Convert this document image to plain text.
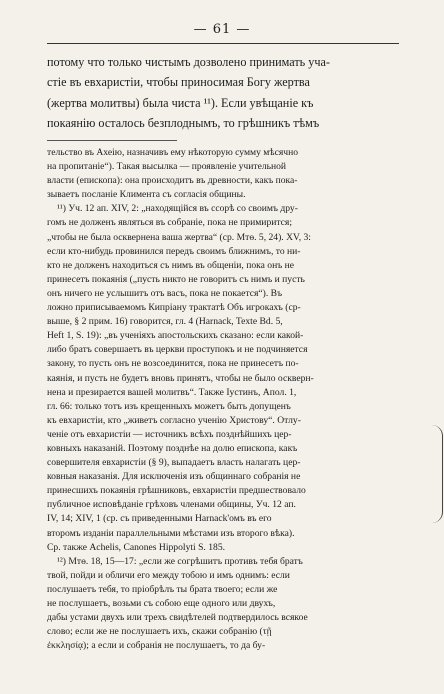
— 61 —
потому что только чистымъ дозволено принимать уча-
стіе въ евхаристіи, чтобы приносимая Богу жертва
(жертва молитвы) была чиста ¹¹). Если увѣщаніе къ
покаянію осталось безплоднымъ, то грѣшникъ тѣмъ
тельство въ Ахеію, назначивъ ему нѣкоторую сумму мѣсячно
на пропитаніе“). Такая высылка — проявленіе учительной
власти (епископа): она происходитъ въ древности, какъ пока-
зываетъ посланіе Климента съ согласія общины.
¹¹) Уч. 12 ап. XIV, 2: „находящійся въ ссорѣ со своимъ дру-
гомъ не долженъ являться въ собраніе, пока не примирится;
„чтобы не была осквернена ваша жертва“ (ср. Мтѳ. 5, 24). XV, 3:
если кто-нибудь провинился передъ своимъ ближнимъ, то ни-
кто не долженъ находиться съ нимъ въ общеніи, пока онъ не
принесетъ покаянія („пусть никто не говоритъ съ нимъ и пусть
онъ ничего не услышитъ отъ васъ, пока не покается“). Въ
ложно приписываемомъ Кипріану трактатѣ Объ игрокахъ (ср-
выше, § 2 прим. 16) говорится, гл. 4 (Harnack, Texte Bd. 5,
Heft 1, S. 19): „въ ученіяхъ апостольскихъ сказано: если какой-
либо братъ совершаетъ въ церкви проступокъ и не подчиняется
закону, то пусть онъ не возсоединится, пока не принесетъ по-
каянія, и пусть не будетъ вновь принятъ, чтобы не было оскверн-
нена и презирается вашей молитвъ“. Также Іустинъ, Апол. 1,
гл. 66: только тотъ изъ крещенныхъ можетъ быть допущенъ
къ евхаристіи, кто „живетъ согласно ученію Христову“. Отлу-
ченіе отъ евхаристіи — источникъ всѣхъ позднѣйшихъ цер-
ковныхъ наказаній. Поэтому позднѣе на долю епископа, какъ
совершителя евхаристіи (§ 9), выпадаетъ власть налагать цер-
ковныя наказанія. Для исключенія изъ общиннаго собранія не
принесшихъ покаянія грѣшниковъ, евхаристіи предшествовало
публичное исповѣданіе грѣховъ членами общины, Уч. 12 ап.
IV, 14; XIV, 1 (ср. съ приведенными Harnack'омъ въ его
второмъ изданіи параллельными мѣстами изъ второго вѣка).
Ср. также Achelis, Canones Hippolyti S. 185.
¹²) Мтѳ. 18, 15—17: „если же согрѣшитъ противъ тебя братъ
твой, пойди и обличи его между тобою и имъ однимъ: если
послушаетъ тебя, то пріобрѣлъ ты брата твоего; если же
не послушаетъ, возьми съ собою еще одного или двухъ,
дабы устами двухъ или трехъ свидѣтелей подтвердилось всякое
слово; если же не послушаетъ ихъ, скажи собранію (τῇ
ἐκκλησίᾳ); а если и собранія не послушаетъ, то да бу-
